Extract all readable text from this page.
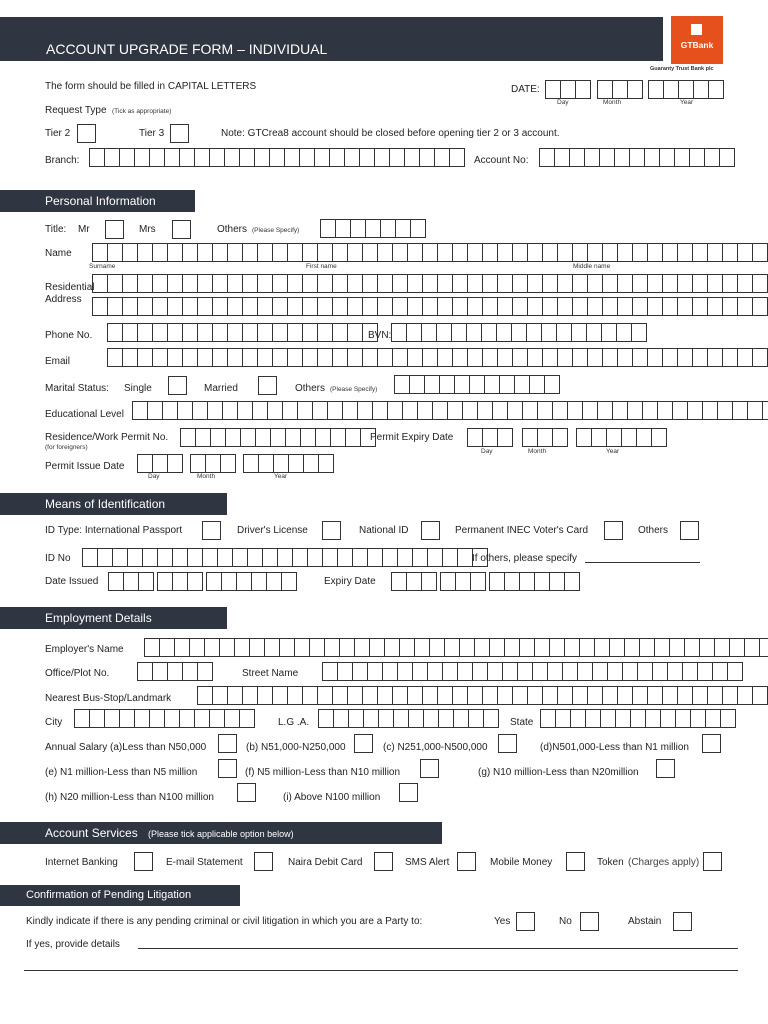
ACCOUNT UPGRADE FORM – INDIVIDUAL	GTBank
Guaranty Trust Bank plc
The form should be filled in CAPITAL LETTERS	DATE:
Day	Month	Year
Request Type (Tick as appropriate)
Tier 2	Tier 3	Note: GTCrea8 account should be closed before opening tier 2 or 3 account.
Branch:	Account No:
Personal Information
Title: Mr	Mrs	Others (Please Specify)
Name
Surname	First name	Middle name
Residential
Address
Phone No.	BVN:
Email
Marital Status: Single	Married	Others (Please Specify)
Educational Level
Residence/Work Permit No.
(for foreigners)
Permit Expiry Date
Day	Month	Year
Permit Issue Date
Day	Month	Year
Means of Identification
ID Type: International Passport	Driver's License	National ID	Permanent INEC Voter's Card	Others
ID No	If others, please specify
Date Issued	Expiry Date
Employment Details
Employer's Name
Office/Plot No.	Street Name
Nearest Bus-Stop/Landmark
City	L.G .A.	State
Annual Salary (a)Less than N50,000	(b) N51,000-N250,000	(c) N251,000-N500,000	(d)N501,000-Less than N1 million
(e) N1 million-Less than N5 million	(f) N5 million-Less than N10 million	(g) N10 million-Less than N20million
(h) N20 million-Less than N100 million	(i) Above N100 million
Account Services (Please tick applicable option below)
Internet Banking	E-mail Statement	Naira Debit Card	SMS Alert	Mobile Money	Token (Charges apply)
Confirmation of Pending Litigation
Kindly indicate if there is any pending criminal or civil litigation in which you are a Party to:	Yes	No	Abstain
If yes, provide details
